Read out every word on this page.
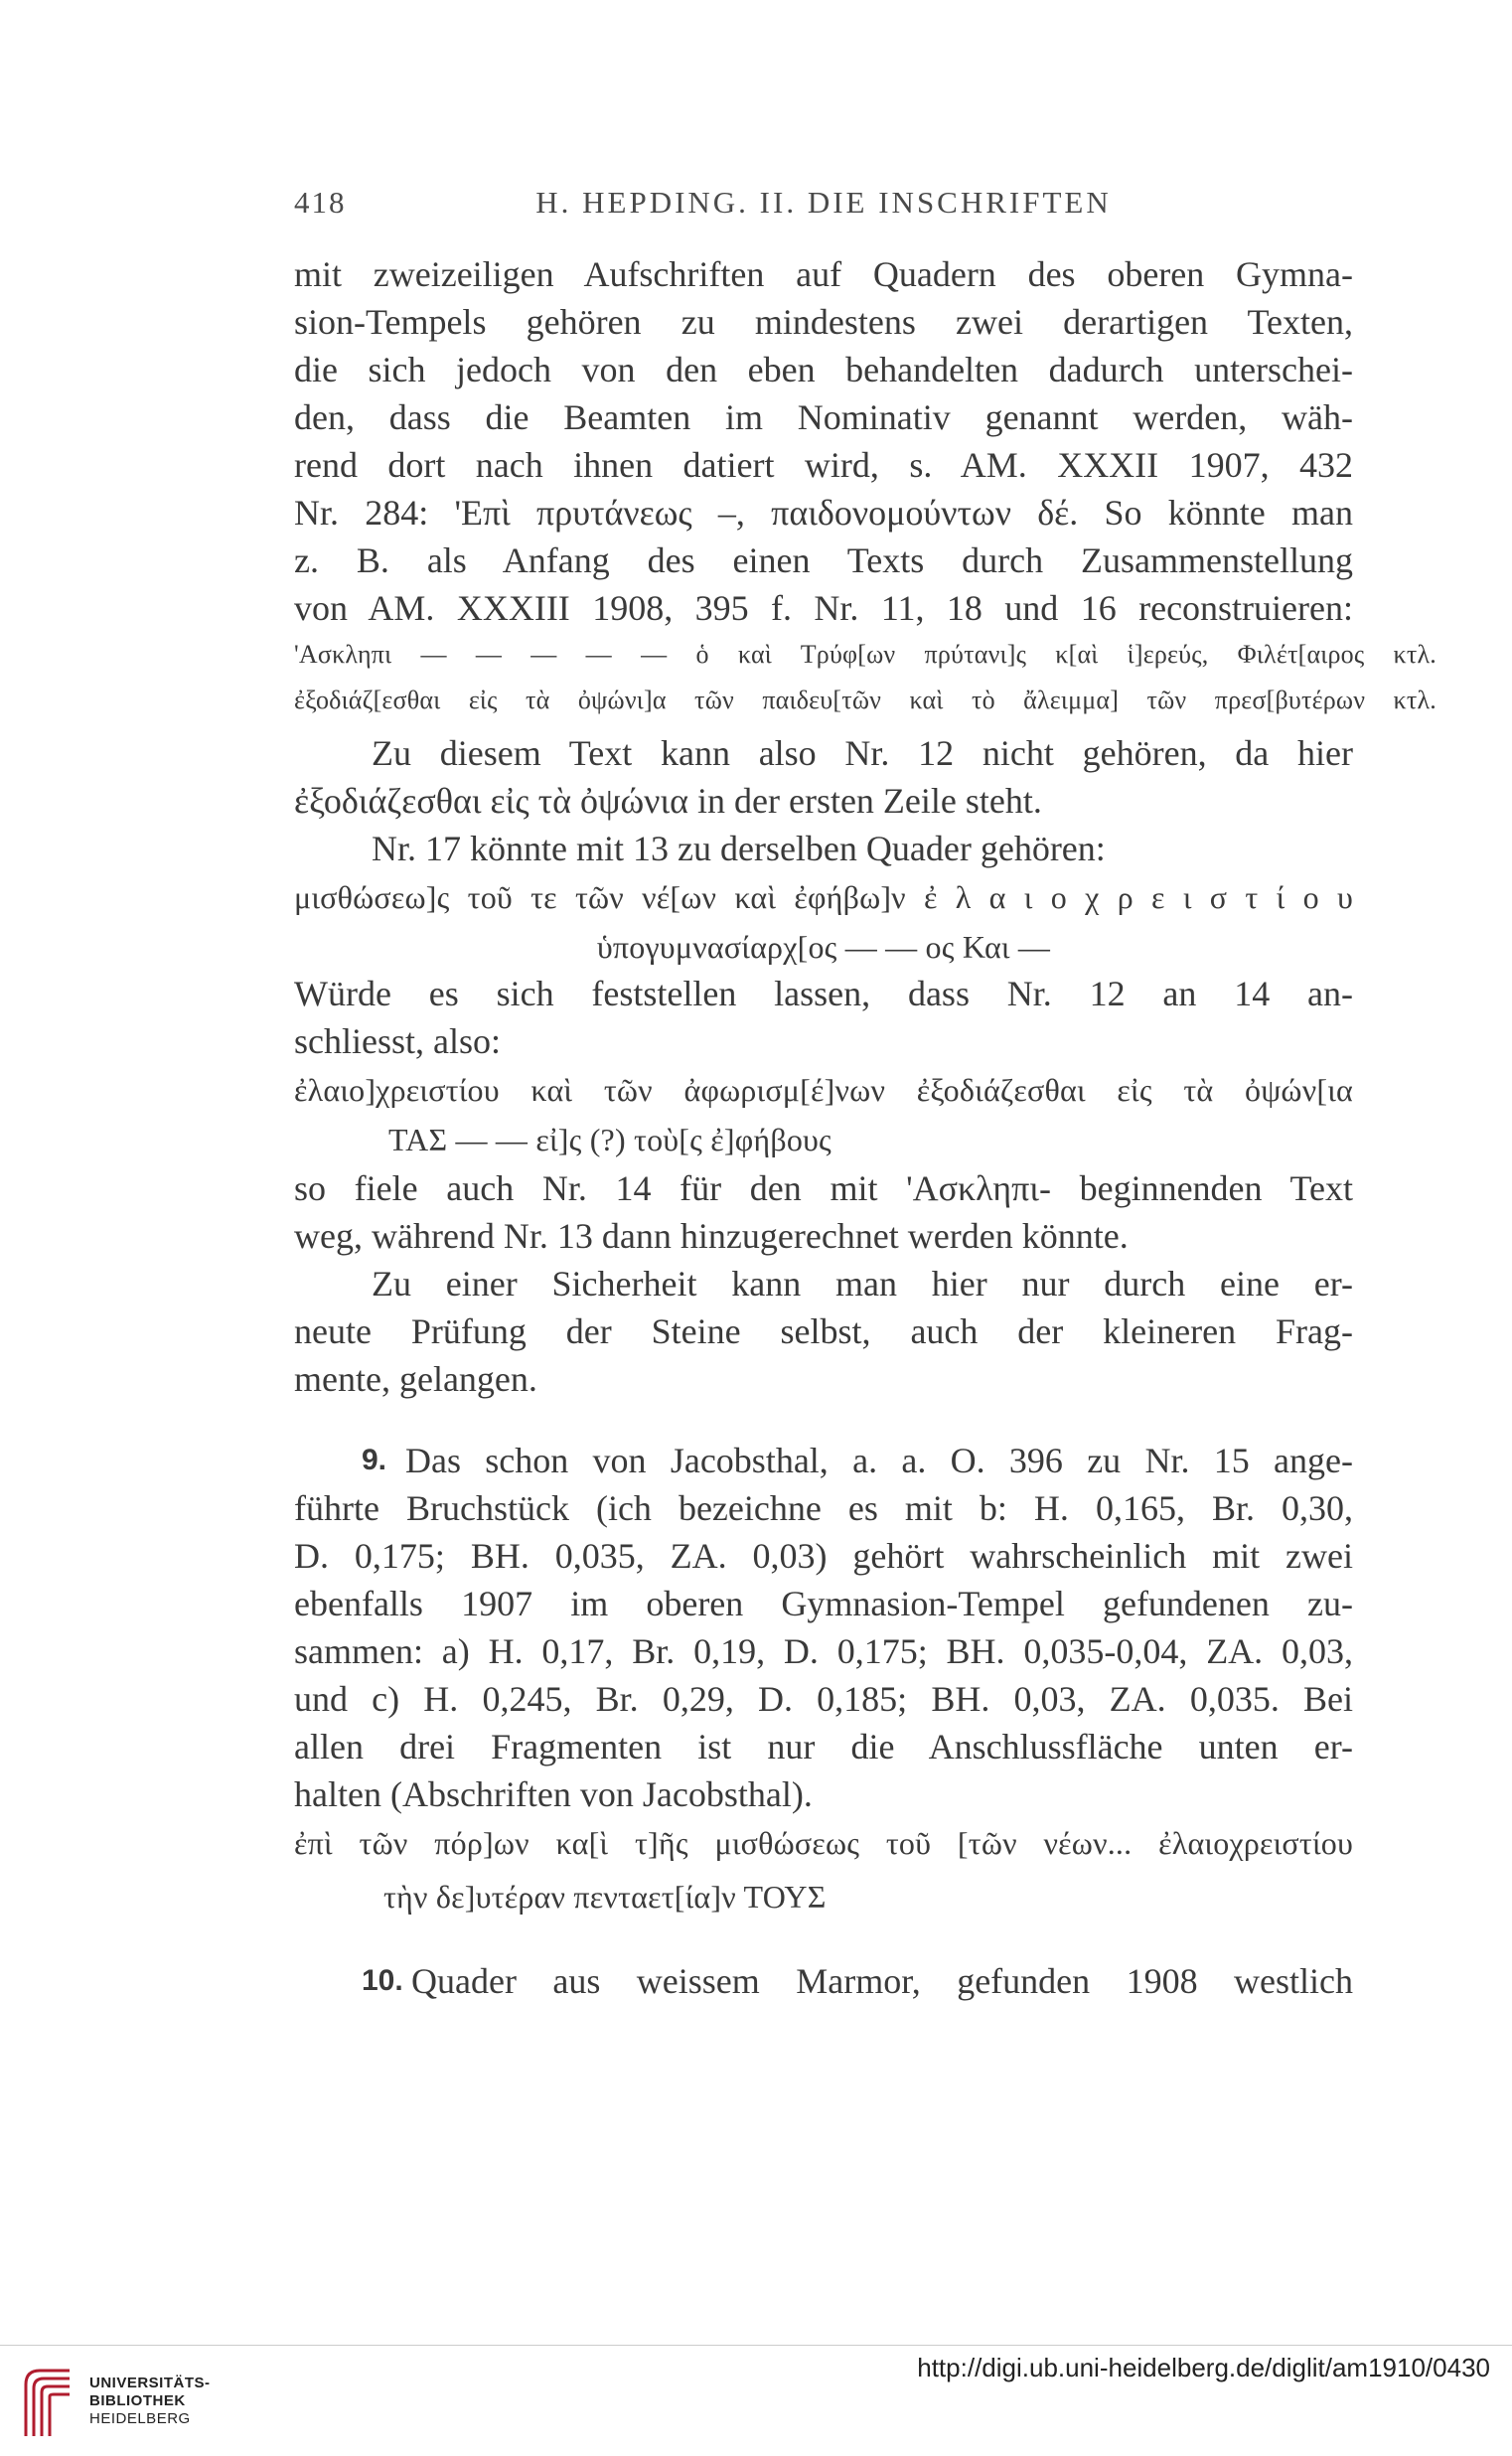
418	H. HEPDING. II. DIE INSCHRIFTEN
mit zweizeiligen Aufschriften auf Quadern des oberen Gymna-
sion-Tempels gehören zu mindestens zwei derartigen Texten,
die sich jedoch von den eben behandelten dadurch unterschei-
den, dass die Beamten im Nominativ genannt werden, wäh-
rend dort nach ihnen datiert wird, s. AM. XXXII 1907, 432
Nr. 284: 'Επὶ πρυτάνεως –, παιδονομούντων δέ. So könnte man
z. B. als Anfang des einen Texts durch Zusammenstellung
von AM. XXXIII 1908, 395 f. Nr. 11, 18 und 16 reconstruieren:
'Ασκληπι — — — — — ὁ καὶ Τρύφ[ων πρύτανι]ς κ[αὶ ἱ]ερεύς, Φιλέτ[αιρος κτλ.
ἐξοδιάζ[εσθαι εἰς τὰ ὀψώνι]α τῶν παιδευ[τῶν καὶ τὸ ἄλειμμα] τῶν πρεσ[βυτέρων κτλ.
Zu diesem Text kann also Nr. 12 nicht gehören, da hier
ἐξοδιάζεσθαι εἰς τὰ ὀψώνια in der ersten Zeile steht.
Nr. 17 könnte mit 13 zu derselben Quader gehören:
μισθώσεω]ς τοῦ τε τῶν νέ[ων καὶ ἐφήβω]ν ἐ λ α ι ο χ ρ ε ι σ τ ί ο υ
ὑπογυμνασίαρχ[ος — — ος Και —
Würde es sich feststellen lassen, dass Nr. 12 an 14 an-
schliesst, also:
ἐλαιο]χρειστίου καὶ τῶν ἀφωρισμ[έ]νων ἐξοδιάζεσθαι εἰς τὰ ὀψών[ια
ΤΑΣ — — εἰ]ς (?) τοὺ[ς ἐ]φήβους
so fiele auch Nr. 14 für den mit 'Ασκληπι- beginnenden Text
weg, während Nr. 13 dann hinzugerechnet werden könnte.
Zu einer Sicherheit kann man hier nur durch eine er-
neute Prüfung der Steine selbst, auch der kleineren Frag-
mente, gelangen.
9. Das schon von Jacobsthal, a. a. O. 396 zu Nr. 15 ange-
führte Bruchstück (ich bezeichne es mit b: H. 0,165, Br. 0,30,
D. 0,175; BH. 0,035, ZA. 0,03) gehört wahrscheinlich mit zwei
ebenfalls 1907 im oberen Gymnasion-Tempel gefundenen zu-
sammen: a) H. 0,17, Br. 0,19, D. 0,175; BH. 0,035-0,04, ZA. 0,03,
und c) H. 0,245, Br. 0,29, D. 0,185; BH. 0,03, ZA. 0,035. Bei
allen drei Fragmenten ist nur die Anschlussfläche unten er-
halten (Abschriften von Jacobsthal).
ἐπὶ τῶν πόρ]ων κα[ὶ τ]ῆς μισθώσεως τοῦ [τῶν νέων... ἐλαιοχρειστίου
τὴν δε]υτέραν πενταετ[ία]ν ΤΟΥΣ
10. Quader aus weissem Marmor, gefunden 1908 westlich
UNIVERSITÄTS-
BIBLIOTHEK
HEIDELBERG
http://digi.ub.uni-heidelberg.de/diglit/am1910/0430
